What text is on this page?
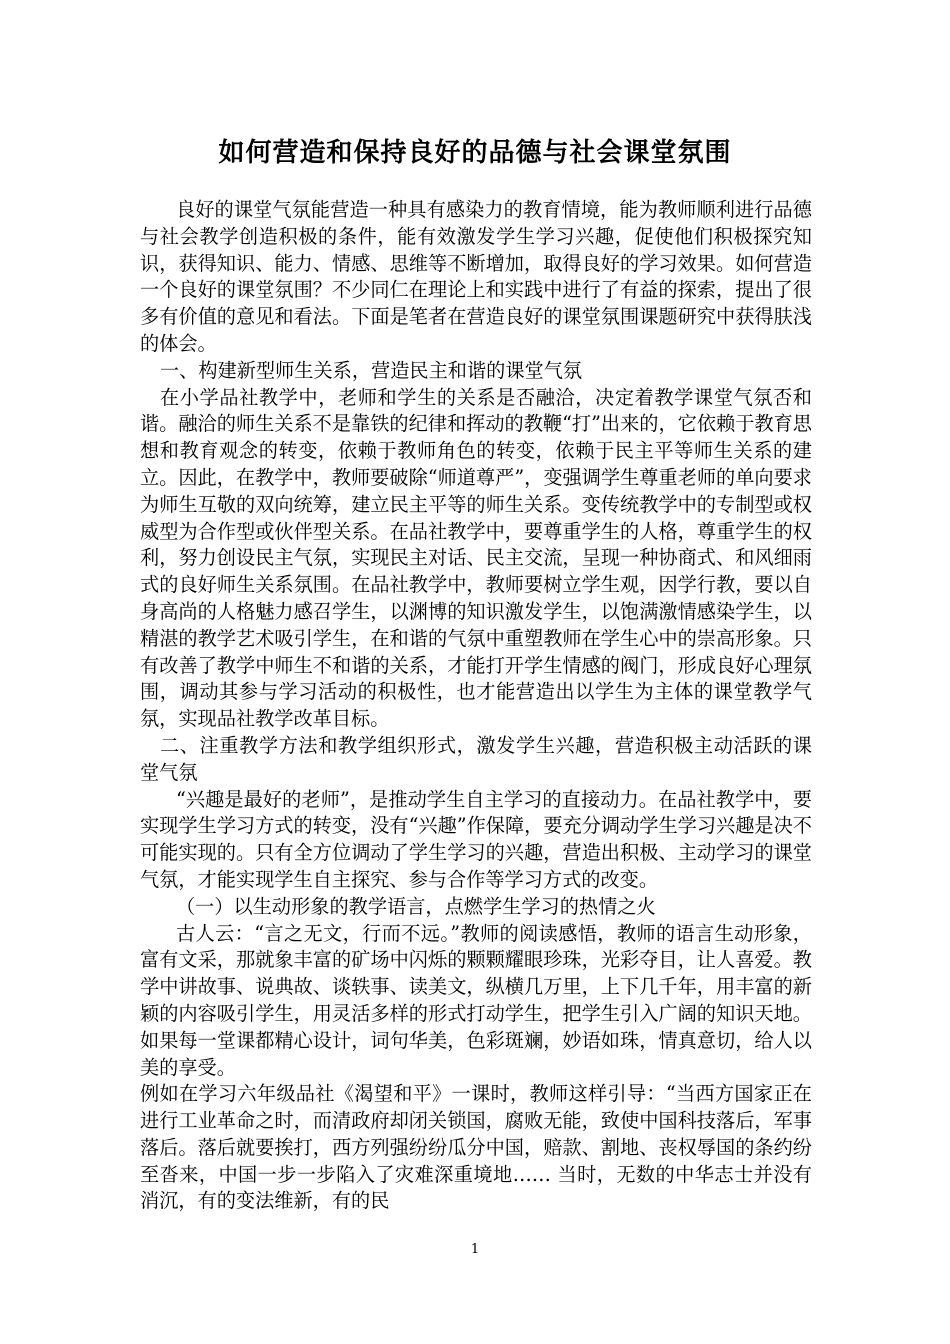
如何营造和保持良好的品德与社会课堂氛围

良好的课堂气氛能营造一种具有感染力的教育情境，能为教师顺利进行品德与社会教学创造积极的条件，能有效激发学生学习兴趣，促使他们积极探究知识，获得知识、能力、情感、思维等不断增加，取得良好的学习效果。如何营造一个良好的课堂氛围？不少同仁在理论上和实践中进行了有益的探索，提出了很多有价值的意见和看法。下面是笔者在营造良好的课堂氛围课题研究中获得肤浅的体会。

一、构建新型师生关系，营造民主和谐的课堂气氛

在小学品社教学中，老师和学生的关系是否融洽，决定着教学课堂气氛否和谐。融洽的师生关系不是靠铁的纪律和挥动的教鞭“打”出来的，它依赖于教育思想和教育观念的转变，依赖于教师角色的转变，依赖于民主平等师生关系的建立。因此，在教学中，教师要破除“师道尊严”，变强调学生尊重老师的单向要求为师生互敬的双向统筹，建立民主平等的师生关系。变传统教学中的专制型或权威型为合作型或伙伴型关系。在品社教学中，要尊重学生的人格，尊重学生的权利，努力创设民主气氛，实现民主对话、民主交流，呈现一种协商式、和风细雨式的良好师生关系氛围。在品社教学中，教师要树立学生观，因学行教，要以自身高尚的人格魅力感召学生，以渊博的知识激发学生，以饱满激情感染学生，以精湛的教学艺术吸引学生，在和谐的气氛中重塑教师在学生心中的崇高形象。只有改善了教学中师生不和谐的关系，才能打开学生情感的阀门，形成良好心理氛围，调动其参与学习活动的积极性，也才能营造出以学生为主体的课堂教学气氛，实现品社教学改革目标。

二、注重教学方法和教学组织形式，激发学生兴趣，营造积极主动活跃的课堂气氛

“兴趣是最好的老师”，是推动学生自主学习的直接动力。在品社教学中，要实现学生学习方式的转变，没有“兴趣”作保障，要充分调动学生学习兴趣是决不可能实现的。只有全方位调动了学生学习的兴趣，营造出积极、主动学习的课堂气氛，才能实现学生自主探究、参与合作等学习方式的改变。

（一）以生动形象的教学语言，点燃学生学习的热情之火

古人云：“言之无文，行而不远。”教师的阅读感悟，教师的语言生动形象，富有文采，那就象丰富的矿场中闪烁的颗颗耀眼珍珠，光彩夺目，让人喜爱。教学中讲故事、说典故、谈轶事、读美文，纵横几万里，上下几千年，用丰富的新颖的内容吸引学生，用灵活多样的形式打动学生，把学生引入广阔的知识天地。如果每一堂课都精心设计，词句华美，色彩斑斓，妙语如珠，情真意切，给人以美的享受。

例如在学习六年级品社《渴望和平》一课时，教师这样引导：“当西方国家正在进行工业革命之时，而清政府却闭关锁国，腐败无能，致使中国科技落后，军事落后。落后就要挨打，西方列强纷纷瓜分中国，赔款、割地、丧权辱国的条约纷至沓来，中国一步一步陷入了灾难深重境地…… 当时，无数的中华志士并没有消沉，有的变法维新，有的民

1
